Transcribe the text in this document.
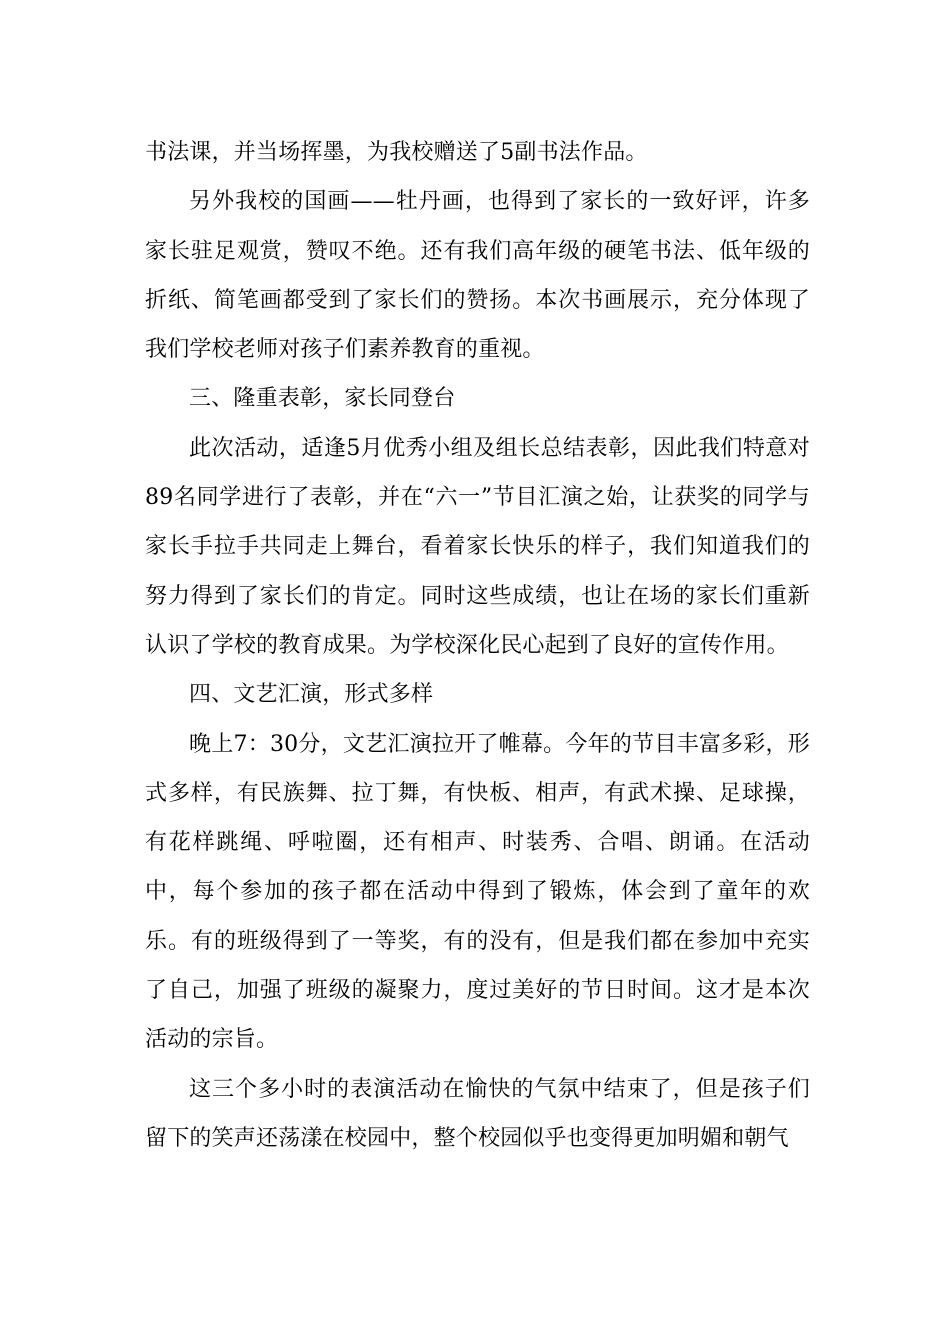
书法课，并当场挥墨，为我校赠送了5副书法作品。

另外我校的国画——牡丹画，也得到了家长的一致好评，许多家长驻足观赏，赞叹不绝。还有我们高年级的硬笔书法、低年级的折纸、简笔画都受到了家长们的赞扬。本次书画展示，充分体现了我们学校老师对孩子们素养教育的重视。

三、隆重表彰，家长同登台

此次活动，适逢5月优秀小组及组长总结表彰，因此我们特意对89名同学进行了表彰，并在“六一”节目汇演之始，让获奖的同学与家长手拉手共同走上舞台，看着家长快乐的样子，我们知道我们的努力得到了家长们的肯定。同时这些成绩，也让在场的家长们重新认识了学校的教育成果。为学校深化民心起到了良好的宣传作用。

四、文艺汇演，形式多样

晚上7：30分，文艺汇演拉开了帷幕。今年的节目丰富多彩，形式多样，有民族舞、拉丁舞，有快板、相声，有武术操、足球操，有花样跳绳、呼啦圈，还有相声、时装秀、合唱、朗诵。在活动中，每个参加的孩子都在活动中得到了锻炼，体会到了童年的欢乐。有的班级得到了一等奖，有的没有，但是我们都在参加中充实了自己，加强了班级的凝聚力，度过美好的节日时间。这才是本次活动的宗旨。

这三个多小时的表演活动在愉快的气氛中结束了，但是孩子们留下的笑声还荡漾在校园中，整个校园似乎也变得更加明媚和朝气
